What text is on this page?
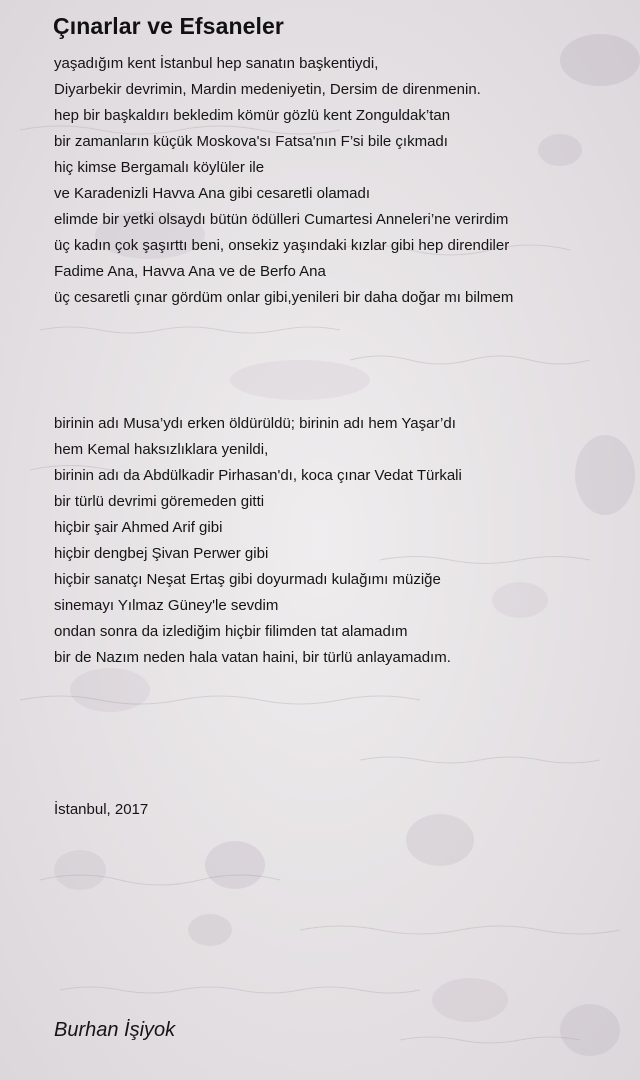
Çınarlar ve Efsaneler
yaşadığım kent İstanbul hep sanatın başkentiydi,
Diyarbekir devrimin, Mardin medeniyetin, Dersim de direnmenin.
hep bir başkaldırı bekledim kömür gözlü kent Zonguldak’tan
bir zamanların küçük Moskova'sı Fatsa'nın F’si bile çıkmadı
hiç kimse Bergamalı köylüler ile
ve Karadenizli Havva Ana gibi cesaretli olamadı
elimde bir yetki olsaydı bütün ödülleri Cumartesi Anneleri’ne verirdim
üç kadın çok şaşırttı beni, onsekiz yaşındaki kızlar gibi hep direndiler
Fadime Ana, Havva Ana ve de Berfo Ana
üç cesaretli çınar gördüm onlar gibi,yenileri bir daha doğar mı bilmem
birinin adı Musa’ydı erken öldürüldü; birinin adı hem Yaşar’dı
hem Kemal haksızlıklara yenildi,
birinin adı da Abdülkadir Pirhasan'dı, koca çınar Vedat Türkali
bir türlü devrimi göremeden gitti
hiçbir şair Ahmed Arif gibi
hiçbir dengbej Şivan Perwer gibi
hiçbir sanatçı Neşat Ertaş gibi doyurmadı kulağımı müziğe
sinemayı Yılmaz Güney'le sevdim
ondan sonra da izlediğim hiçbir filimden tat alamadım
bir de Nazım neden hala vatan haini, bir türlü anlayamadım.
İstanbul, 2017
Burhan İşiyok
